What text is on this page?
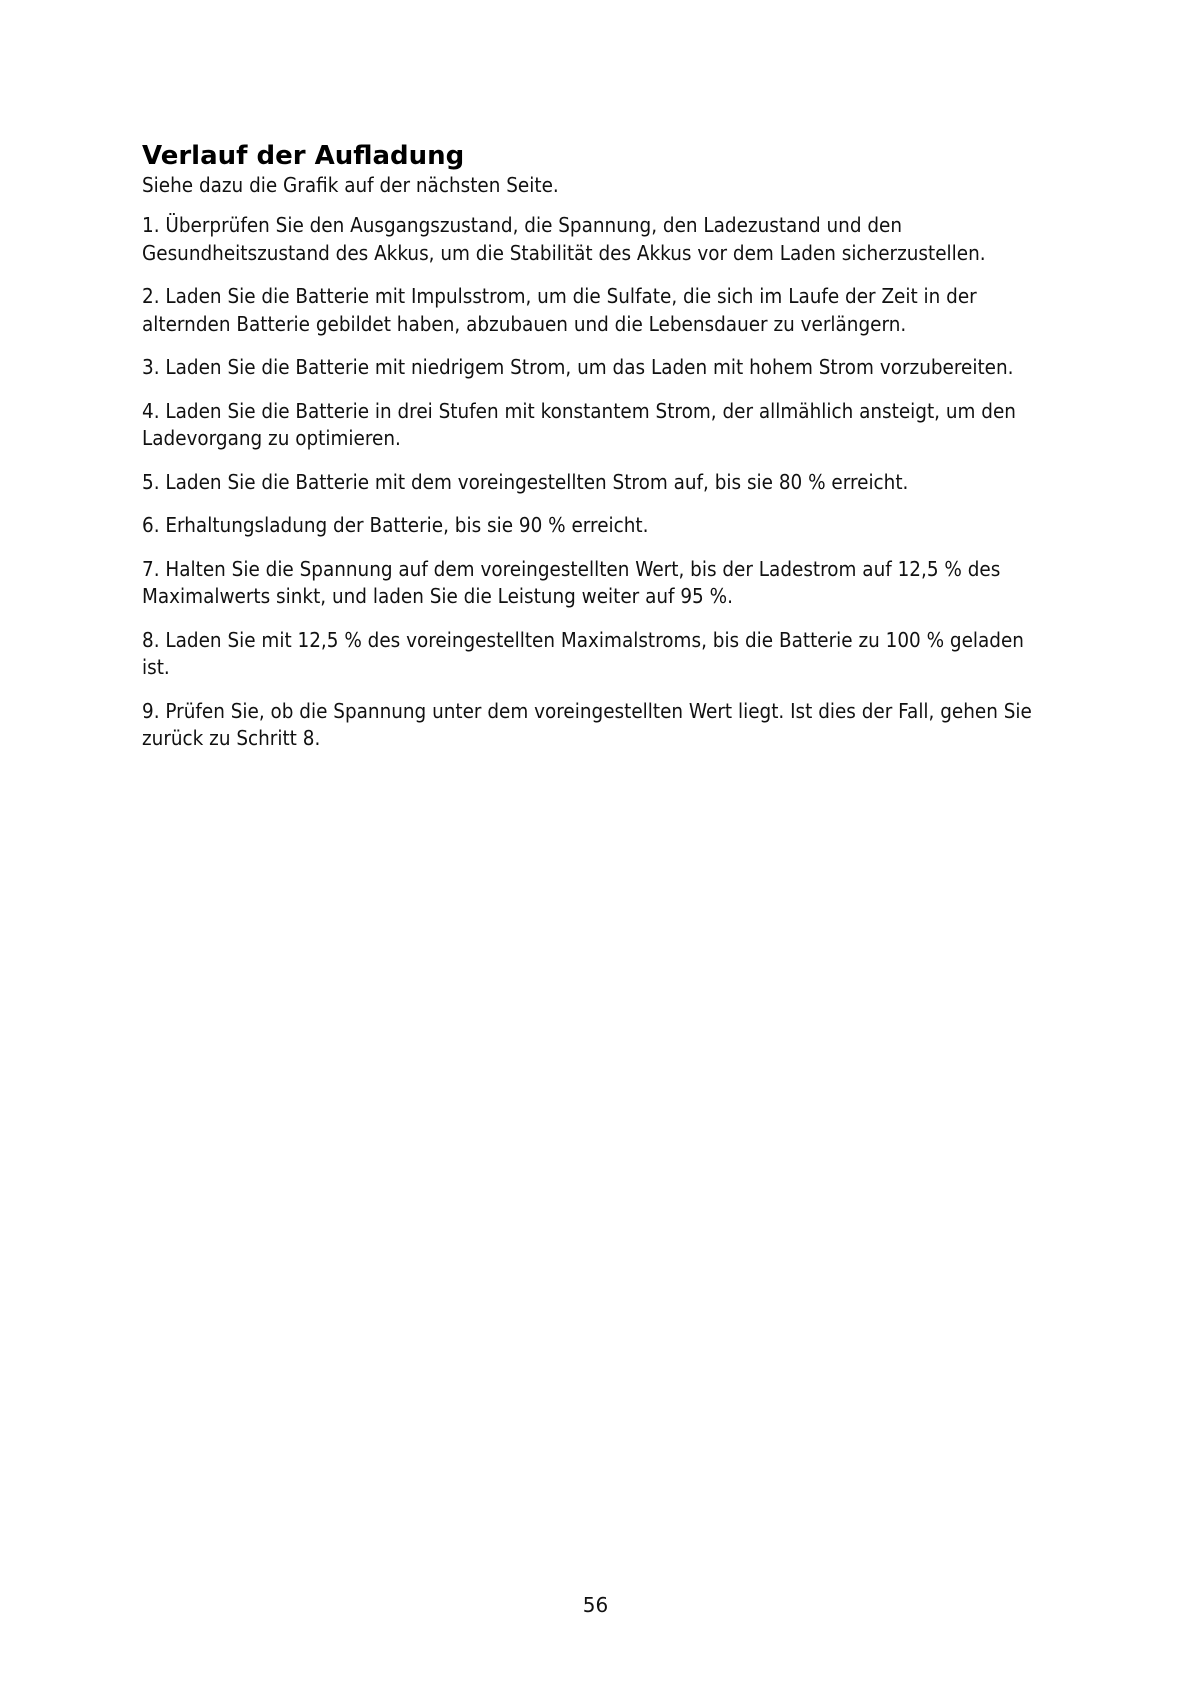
Verlauf der Aufladung

Siehe dazu die Grafik auf der nächsten Seite.

1. Überprüfen Sie den Ausgangszustand, die Spannung, den Ladezustand und den Gesundheitszustand des Akkus, um die Stabilität des Akkus vor dem Laden sicherzustellen.
2. Laden Sie die Batterie mit Impulsstrom, um die Sulfate, die sich im Laufe der Zeit in der alternden Batterie gebildet haben, abzubauen und die Lebensdauer zu verlängern.
3. Laden Sie die Batterie mit niedrigem Strom, um das Laden mit hohem Strom vorzubereiten.
4. Laden Sie die Batterie in drei Stufen mit konstantem Strom, der allmählich ansteigt, um den Ladevorgang zu optimieren.
5. Laden Sie die Batterie mit dem voreingestellten Strom auf, bis sie 80 % erreicht.
6. Erhaltungsladung der Batterie, bis sie 90 % erreicht.
7. Halten Sie die Spannung auf dem voreingestellten Wert, bis der Ladestrom auf 12,5 % des Maximalwerts sinkt, und laden Sie die Leistung weiter auf 95 %.
8. Laden Sie mit 12,5 % des voreingestellten Maximalstroms, bis die Batterie zu 100 % geladen ist.
9. Prüfen Sie, ob die Spannung unter dem voreingestellten Wert liegt. Ist dies der Fall, gehen Sie zurück zu Schritt 8.
56
